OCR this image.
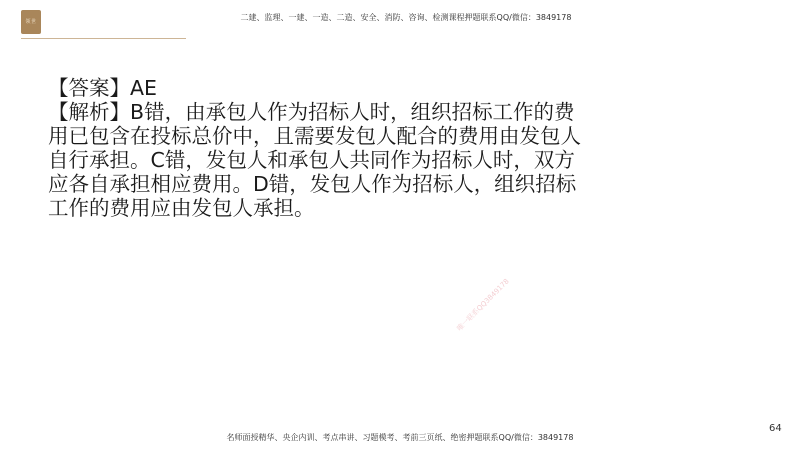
领世	二建、监理、一建、一造、二造、安全、消防、咨询、检测课程押题联系QQ/微信：3849178

【答案】AE

【解析】B错，由承包人作为招标人时，组织招标工作的费用已包含在投标总价中，且需要发包人配合的费用由发包人自行承担。C错，发包人和承包人共同作为招标人时，双方应各自承担相应费用。D错，发包人作为招标人，组织招标工作的费用应由发包人承担。

唯一联系QQ3849178
名师面授精华、央企内训、考点串讲、习题模考、考前三页纸、绝密押题联系QQ/微信：3849178
64
